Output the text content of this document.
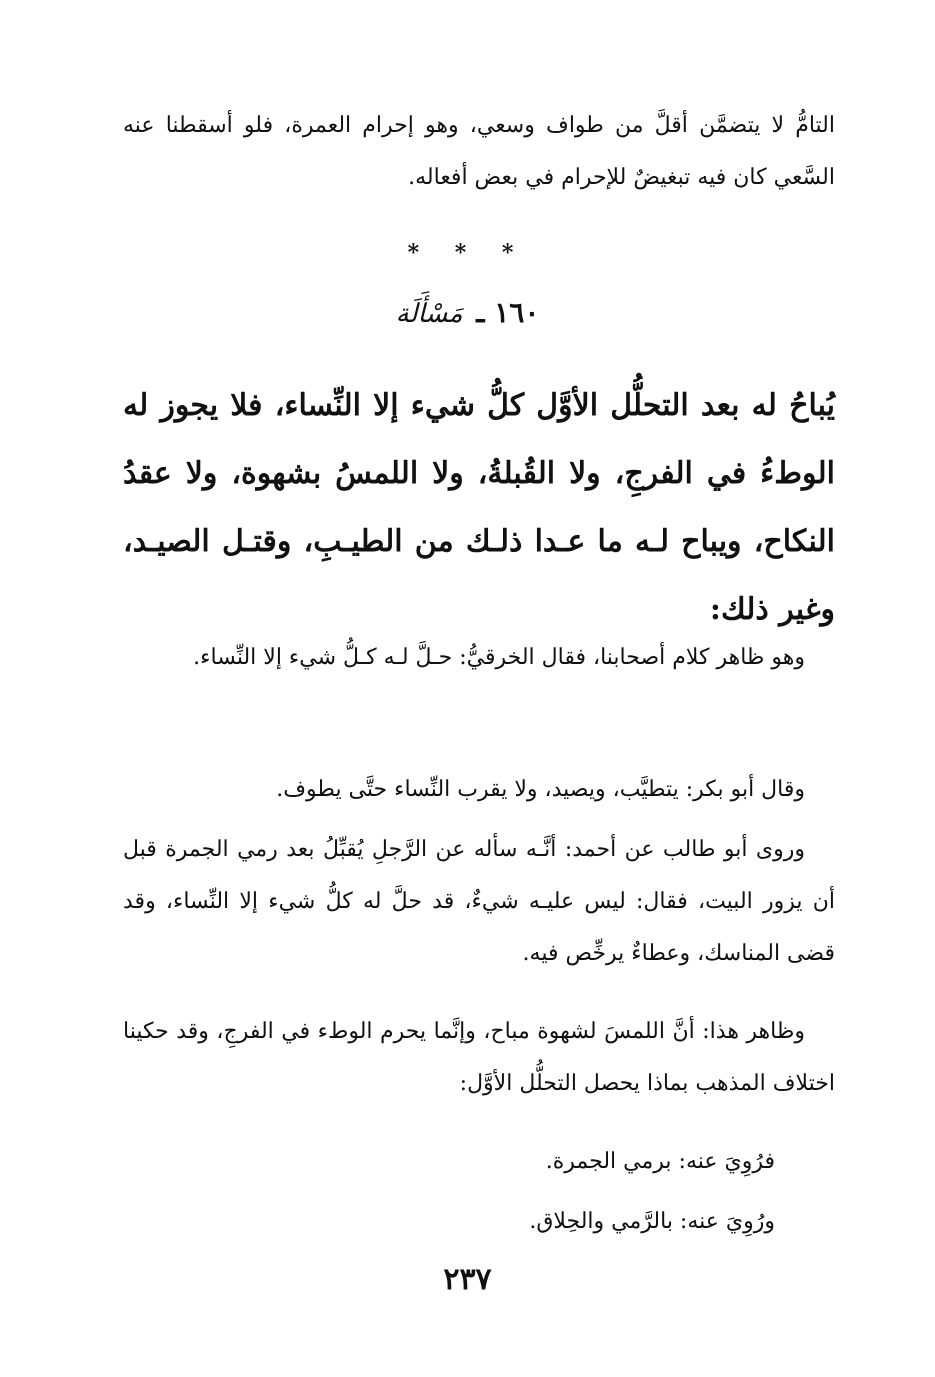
التامُّ لا يتضمَّن أقلَّ من طواف وسعي، وهو إحرام العمرة، فلو أسقطنا عنه السَّعي كان فيه تبغيضٌ للإحرام في بعض أفعاله.

* * *
١٦٠ ـ مَسْأَلَة

يُباحُ له بعد التحلُّل الأوَّل كلُّ شيء إلا النِّساء، فلا يجوز له الوطءُ في الفرجِ، ولا القُبلةُ، ولا اللمسُ بشهوة، ولا عقدُ النكاح، ويباح لـه ما عـدا ذلـك من الطيـبِ، وقتـل الصيـد، وغير ذلك:

وهو ظاهر كلام أصحابنا، فقال الخرقيُّ: حـلَّ لـه كـلُّ شيء إلا النِّساء.

وقال أبو بكر: يتطيَّب، ويصيد، ولا يقرب النِّساء حتَّى يطوف.

وروى أبو طالب عن أحمد: أنَّـه سأله عن الرَّجلِ يُقبِّلُ بعد رمي الجمرة قبل أن يزور البيت، فقال: ليس عليـه شيءٌ، قد حلَّ له كلُّ شيء إلا النِّساء، وقد قضى المناسك، وعطاءٌ يرخِّص فيه.

وظاهر هذا: أنَّ اللمسَ لشهوة مباح، وإنَّما يحرم الوطء في الفرجِ، وقد حكينا اختلاف المذهب بماذا يحصل التحلُّل الأوَّل:

فرُوِيَ عنه: برمي الجمرة.

ورُوِيَ عنه: بالرَّمي والحِلاق.

٢٣٧
